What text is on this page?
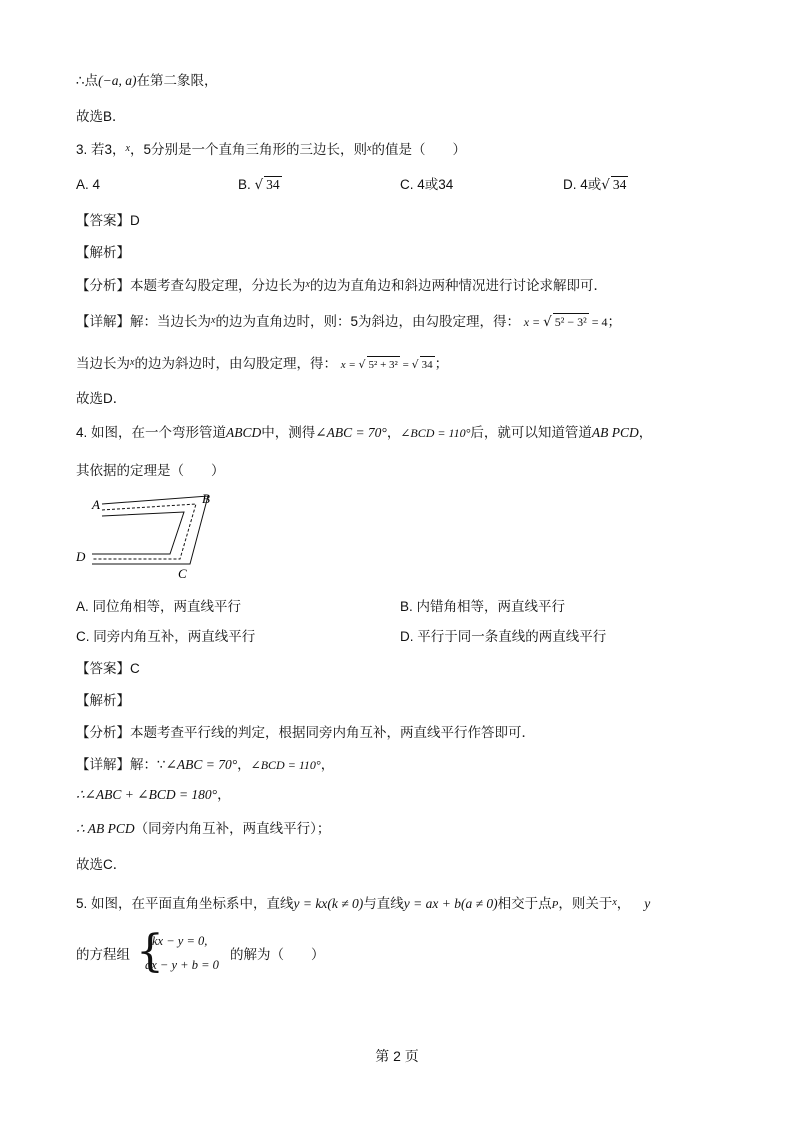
∴点(−a, a)在第二象限，
故选B．
3. 若3，$^x$，5分别是一个直角三角形的三边长，则$^x$的值是（　　）
A. 4	B. √ 34	C. 4或34	D. 4或√ 34
【答案】D
【解析】
【分析】本题考查勾股定理，分边长为$^x$的边为直角边和斜边两种情况进行讨论求解即可．
【详解】解：当边长为$^x$的边为直角边时，则：5为斜边，由勾股定理，得： x = √ 5² − 3² = 4；
当边长为$^x$的边为斜边时，由勾股定理，得： x = √ 5² + 3² = √ 34 ；
故选D．
4. 如图，在一个弯形管道ABCD中，测得∠ABC = 70°，∠BCD = 110°后，就可以知道管道AB PCD，
其依据的定理是（　　）
A	B
D
C
A. 同位角相等，两直线平行	B. 内错角相等，两直线平行
C. 同旁内角互补，两直线平行	D. 平行于同一条直线的两直线平行
【答案】C
【解析】
【分析】本题考查平行线的判定，根据同旁内角互补，两直线平行作答即可．
【详解】解：∵∠ABC = 70°，∠BCD = 110°，
∴∠ABC + ∠BCD = 180°，
∴ AB PCD（同旁内角互补，两直线平行）；
故选C．
5. 如图，在平面直角坐标系中，直线y = kx(k ≠ 0)与直线y = ax + b(a ≠ 0)相交于点P，则关于$^x$， y
的方程组 {
kx − y = 0,
ax − y + b = 0
的解为（　　）
第 2 页
